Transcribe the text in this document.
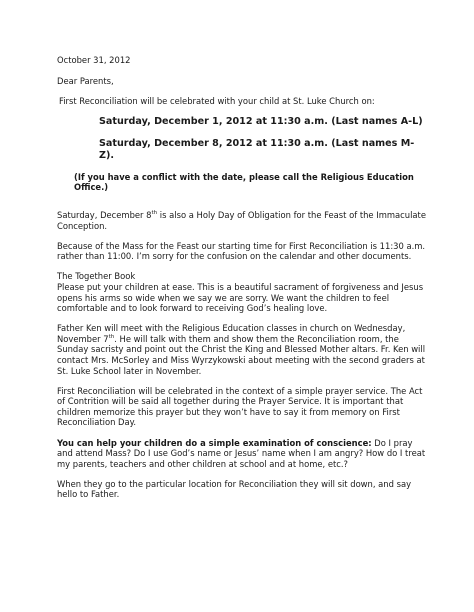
October 31, 2012

Dear Parents,

First Reconciliation will be celebrated with your child at St. Luke Church on:

Saturday, December 1, 2012 at 11:30 a.m. (Last names A-L)

Saturday, December 8, 2012 at 11:30 a.m. (Last names M-Z).

(If you have a conflict with the date, please call the Religious Education Office.)

Saturday, December 8th is also a Holy Day of Obligation for the Feast of the Immaculate Conception.

Because of the Mass for the Feast our starting time for First Reconciliation is 11:30 a.m. rather than 11:00. I’m sorry for the confusion on the calendar and other documents.

The Together Book

Please put your children at ease. This is a beautiful sacrament of forgiveness and Jesus opens his arms so wide when we say we are sorry. We want the children to feel comfortable and to look forward to receiving God’s healing love.

Father Ken will meet with the Religious Education classes in church on Wednesday, November 7th. He will talk with them and show them the Reconciliation room, the Sunday sacristy and point out the Christ the King and Blessed Mother altars. Fr. Ken will contact Mrs. McSorley and Miss Wyrzykowski about meeting with the second graders at St. Luke School later in November.

First Reconciliation will be celebrated in the context of a simple prayer service. The Act of Contrition will be said all together during the Prayer Service. It is important that children memorize this prayer but they won’t have to say it from memory on First Reconciliation Day.

You can help your children do a simple examination of conscience: Do I pray and attend Mass? Do I use God’s name or Jesus’ name when I am angry? How do I treat my parents, teachers and other children at school and at home, etc.?

When they go to the particular location for Reconciliation they will sit down, and say hello to Father.
